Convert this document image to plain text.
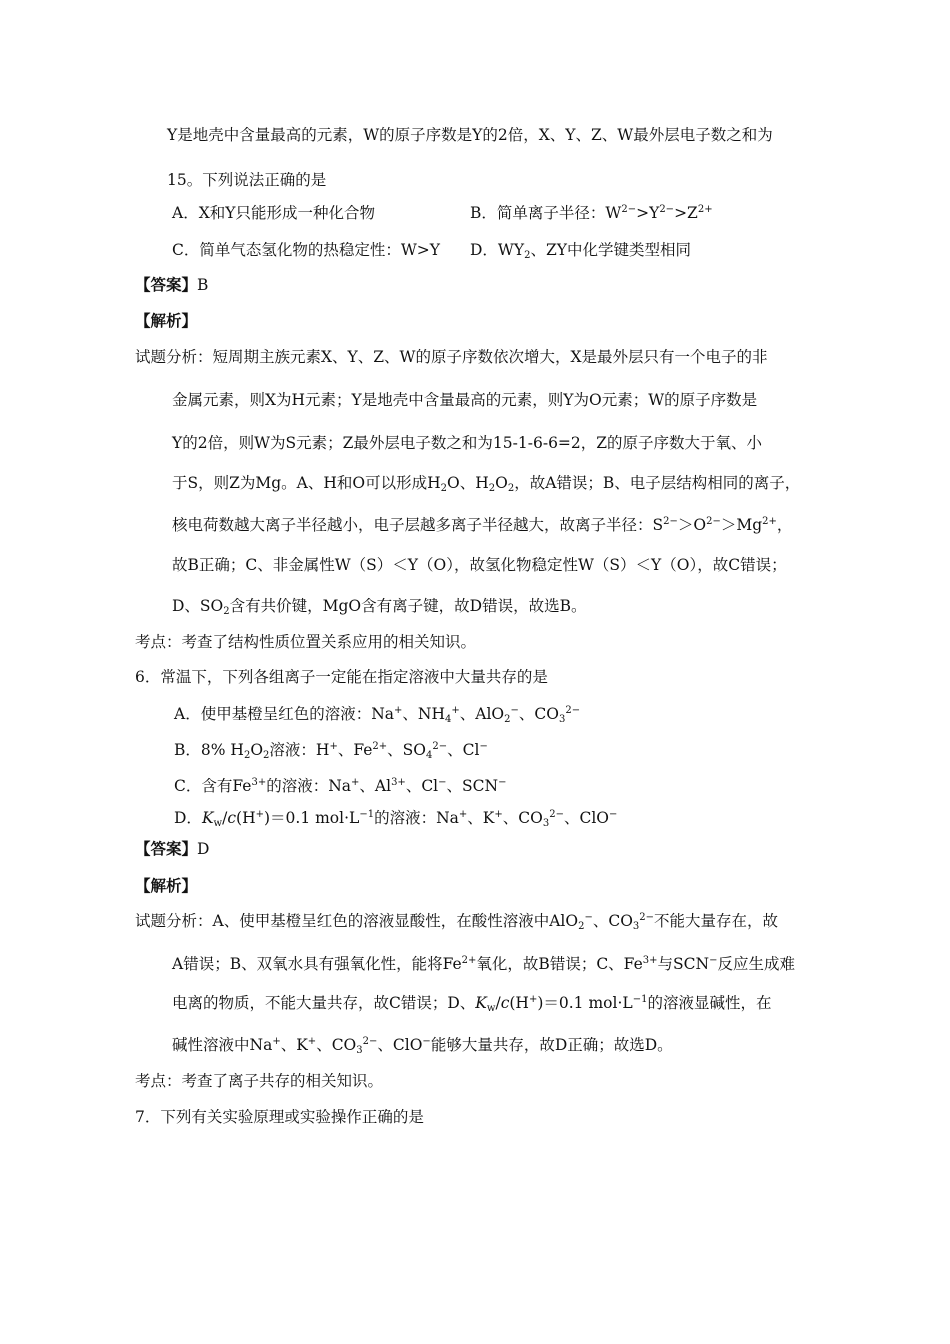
Y是地壳中含量最高的元素，W的原子序数是Y的2倍，X、Y、Z、W最外层电子数之和为
15。下列说法正确的是
A．X和Y只能形成一种化合物	B．简单离子半径：$W^{2-}>Y^{2-}>Z^{2+}$
C．简单气态氢化物的热稳定性：W>Y D．$WY_2$、ZY中化学键类型相同
【答案】B
【解析】
试题分析：短周期主族元素X、Y、Z、W的原子序数依次增大，X是最外层只有一个电子的非
金属元素，则X为H元素；Y是地壳中含量最高的元素，则Y为O元素；W的原子序数是
Y的2倍，则W为S元素；Z最外层电子数之和为15-1-6-6=2，Z的原子序数大于氧、小
于S，则Z为Mg。A、H和O可以形成$H_2O$、$H_2O_2$，故A错误；B、电子层结构相同的离子，
核电荷数越大离子半径越小，电子层越多离子半径越大，故离子半径：$S^{2-}>O^{2-}>Mg^{2+}$，
故B正确；C、非金属性W（S）＜Y（O），故氢化物稳定性W（S）＜Y（O），故C错误；
D、$SO_2$含有共价键，MgO含有离子键，故D错误，故选B。
考点：考查了结构性质位置关系应用的相关知识。
6．常温下，下列各组离子一定能在指定溶液中大量共存的是
A．使甲基橙呈红色的溶液：Na+、$NH_4^+$、AlO$_2$−、$CO_3^{2-}$
B．8% $H_2O_2$溶液：H+、$Fe^{2+}$、$SO_4^{2-}$、Cl−
C．含有$Fe^{3+}$的溶液：Na+、$Al^{3+}$、Cl−、SCN−
D．$K_w/c(H^+)=0.1$ $mol\cdot L^{-1}$的溶液：Na+、K+、$CO_3^{2-}$、ClO−
【答案】D
【解析】
试题分析：A、使甲基橙呈红色的溶液显酸性，在酸性溶液中AlO$_2$−、$CO_3^{2-}$不能大量存在，故
A错误；B、双氧水具有强氧化性，能将$Fe^{2+}$氧化，故B错误；C、$Fe^{3+}$与SCN−反应生成难
电离的物质，不能大量共存，故C错误；D、$K_w/c(H^+)=0.1$ $mol\cdot L^{-1}$的溶液显碱性，在
碱性溶液中Na+、K+、$CO_3^{2-}$、ClO−能够大量共存，故D正确；故选D。
考点：考查了离子共存的相关知识。
7．下列有关实验原理或实验操作正确的是
